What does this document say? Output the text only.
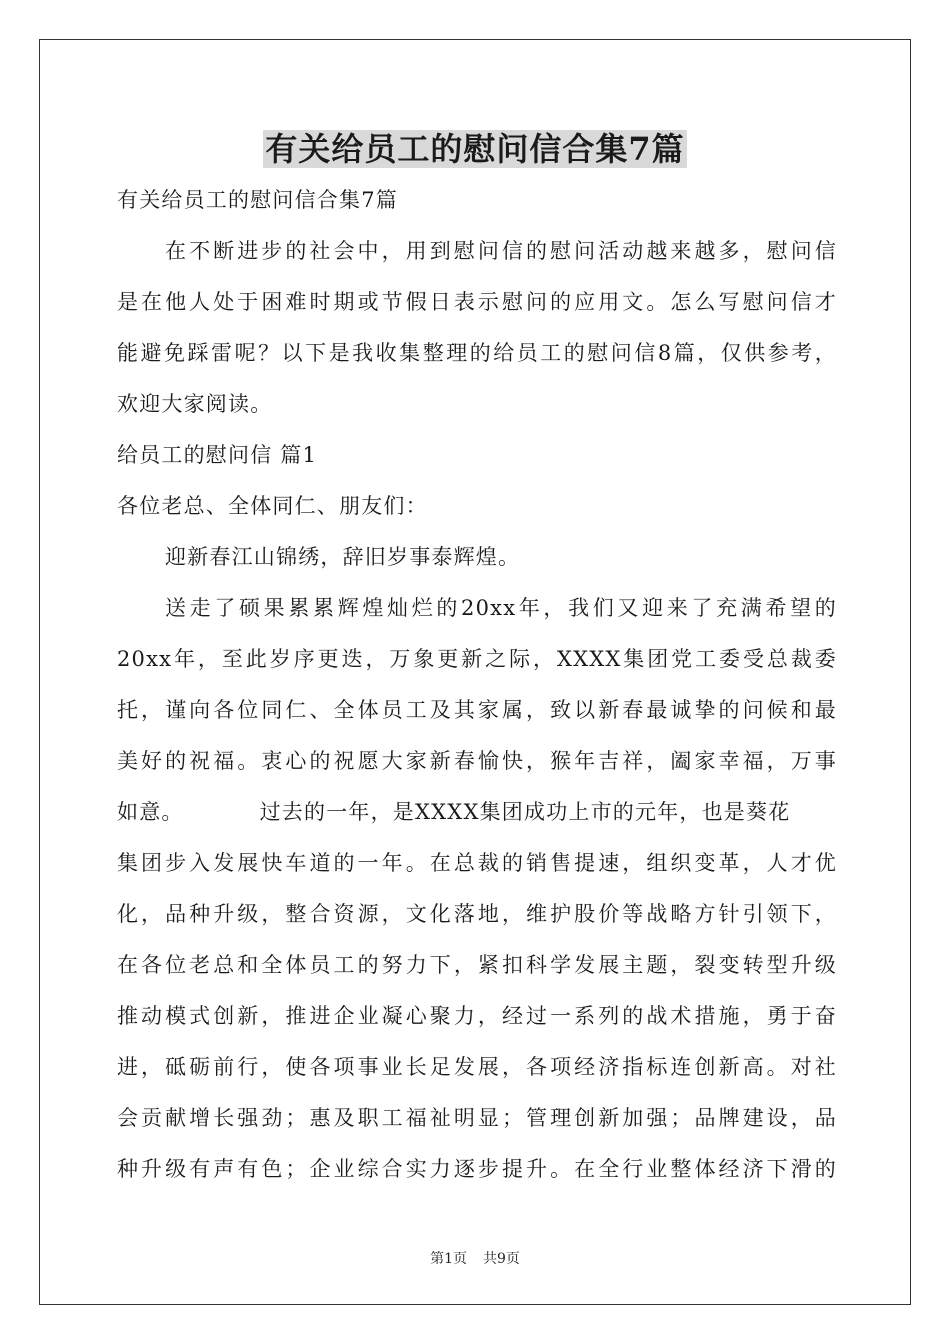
有关给员工的慰问信合集7篇
有关给员工的慰问信合集7篇
在不断进步的社会中，用到慰问信的慰问活动越来越多，慰问信
是在他人处于困难时期或节假日表示慰问的应用文。怎么写慰问信才
能避免踩雷呢？以下是我收集整理的给员工的慰问信8篇，仅供参考，
欢迎大家阅读。
给员工的慰问信 篇1
各位老总、全体同仁、朋友们：
迎新春江山锦绣，辞旧岁事泰辉煌。
送走了硕果累累辉煌灿烂的20xx年，我们又迎来了充满希望的
20xx年，至此岁序更迭，万象更新之际，XXXX集团党工委受总裁委
托，谨向各位同仁、全体员工及其家属，致以新春最诚挚的问候和最
美好的祝福。衷心的祝愿大家新春愉快，猴年吉祥，阖家幸福，万事
如意。	过去的一年，是XXXX集团成功上市的元年，也是葵花
集团步入发展快车道的一年。在总裁的销售提速，组织变革，人才优
化，品种升级，整合资源，文化落地，维护股价等战略方针引领下，
在各位老总和全体员工的努力下，紧扣科学发展主题，裂变转型升级
推动模式创新，推进企业凝心聚力，经过一系列的战术措施，勇于奋
进，砥砺前行，使各项事业长足发展，各项经济指标连创新高。对社
会贡献增长强劲；惠及职工福祉明显；管理创新加强；品牌建设，品
种升级有声有色；企业综合实力逐步提升。在全行业整体经济下滑的
第1页 共9页
